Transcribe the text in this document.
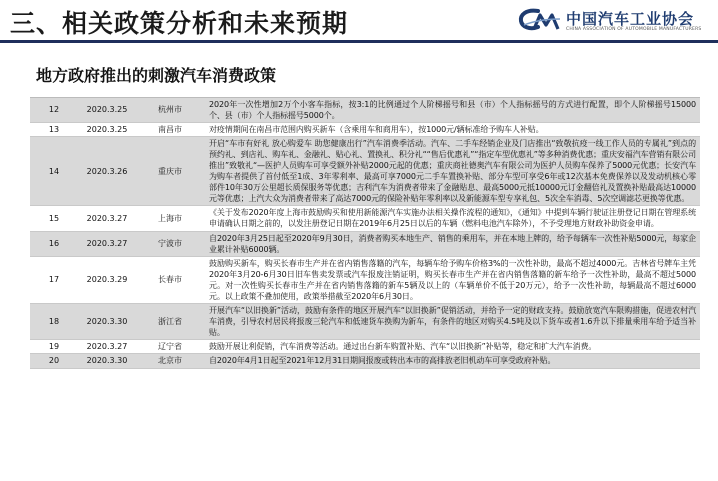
三、相关政策分析和未来预期	中国汽车工业协会
CHINA ASSOCIATION OF AUTOMOBILE MANUFACTURERS
地方政府推出的刺激汽车消费政策

12	2020.3.25	杭州市	2020年一次性增加2万个小客车指标，按3:1的比例通过个人阶梯摇号和县（市）个人指标摇号的方式进行配置，即个人阶梯摇号15000个、县（市）个人指标摇号5000个。
13	2020.3.25	南昌市	对疫情期间在南昌市范围内购买新车（含乘用车和商用车），按1000元/辆标准给予购车人补贴。
14	2020.3.26	重庆市	开启“车市有好礼 放心购爱车 助您健康出行”汽车消费季活动。汽车、二手车经销企业及门店推出“致敬抗疫一线工作人员的专属礼”到点的预约礼、到店礼、购车礼、金融礼、贴心礼、置换礼、积分礼““售后优惠礼”“指定车型优惠礼”等多种消费优惠；重庆安福汽车营销有限公司推出”致敬礼“—医护人员购车可享受额外补贴2000元起的优惠；重庆商社德奥汽车有限公司为医护人员购车保养了5000元优惠；长安汽车为购车者提供了首付低至1成、3年零利率、最高可享7000元二手车置换补贴、部分车型可享受6年或12次基本免费保养以及发动机核心零部件10年30万公里超长质保服务等优惠；吉利汽车为消费者带来了金融贴息、最高5000元抵10000元订金翻倍礼及置换补贴最高达10000元等优惠；上汽大众为消费者带来了高达7000元的保险补贴年零利率以及新能源车型专享礼包、5次全车消毒、5次空调滤芯更换等优惠。
15	2020.3.27	上海市	《关于发布2020年度上海市鼓励购买和使用新能源汽车实施办法相关操作流程的通知》，《通知》中提到车辆行驶证注册登记日期在管理系统申请确认日期之前的，以发注册登记日期在2019年6月25日以后的车辆（燃料电池汽车除外），不予受理地方财政补助资金申请。
16	2020.3.27	宁波市	自2020年3月25日起至2020年9月30日，消费者购买本地生产、销售的乘用车，并在本地上牌的，给予每辆车一次性补贴5000元，每家企业累计补贴6000辆。
17	2020.3.29	长春市	鼓励购买新车，购买长春市生产并在省内销售落籍的汽车，每辆车给予购车价格3%的一次性补助，最高不超过4000元。吉林省号牌车主凭2020年3月20-6月30日旧车售卖发票或汽车报废注销证明，购买长春市生产并在省内销售落籍的新车给予一次性补助，最高不超过5000元。对一次性购买长春市生产并在省内销售落籍的新车5辆及以上的（车辆单价不低于20万元），给予一次性补助，每辆最高不超过6000元。以上政策不叠加使用，政策举措截至2020年6月30日。
18	2020.3.30	浙江省	开展汽车“以旧换新”活动，鼓励有条件的地区开展汽车“以旧换新”促销活动，并给予一定的财政支持。鼓励放宽汽车限购措施，促进农村汽车消费，引导农村居民将报废三轮汽车和低速货车换购为新车，有条件的地区对购买4.5吨及以下货车或者1.6升以下排量乘用车给予适当补贴。
19	2020.3.27	辽宁省	鼓励开展让利促销，汽车消费等活动。通过出台新车购置补贴、汽车“以旧换新”补贴等，稳定和扩大汽车消费。
20	2020.3.30	北京市	自2020年4月1日起至2021年12月31日期间报废或转出本市的高排放老旧机动车可享受政府补贴。
